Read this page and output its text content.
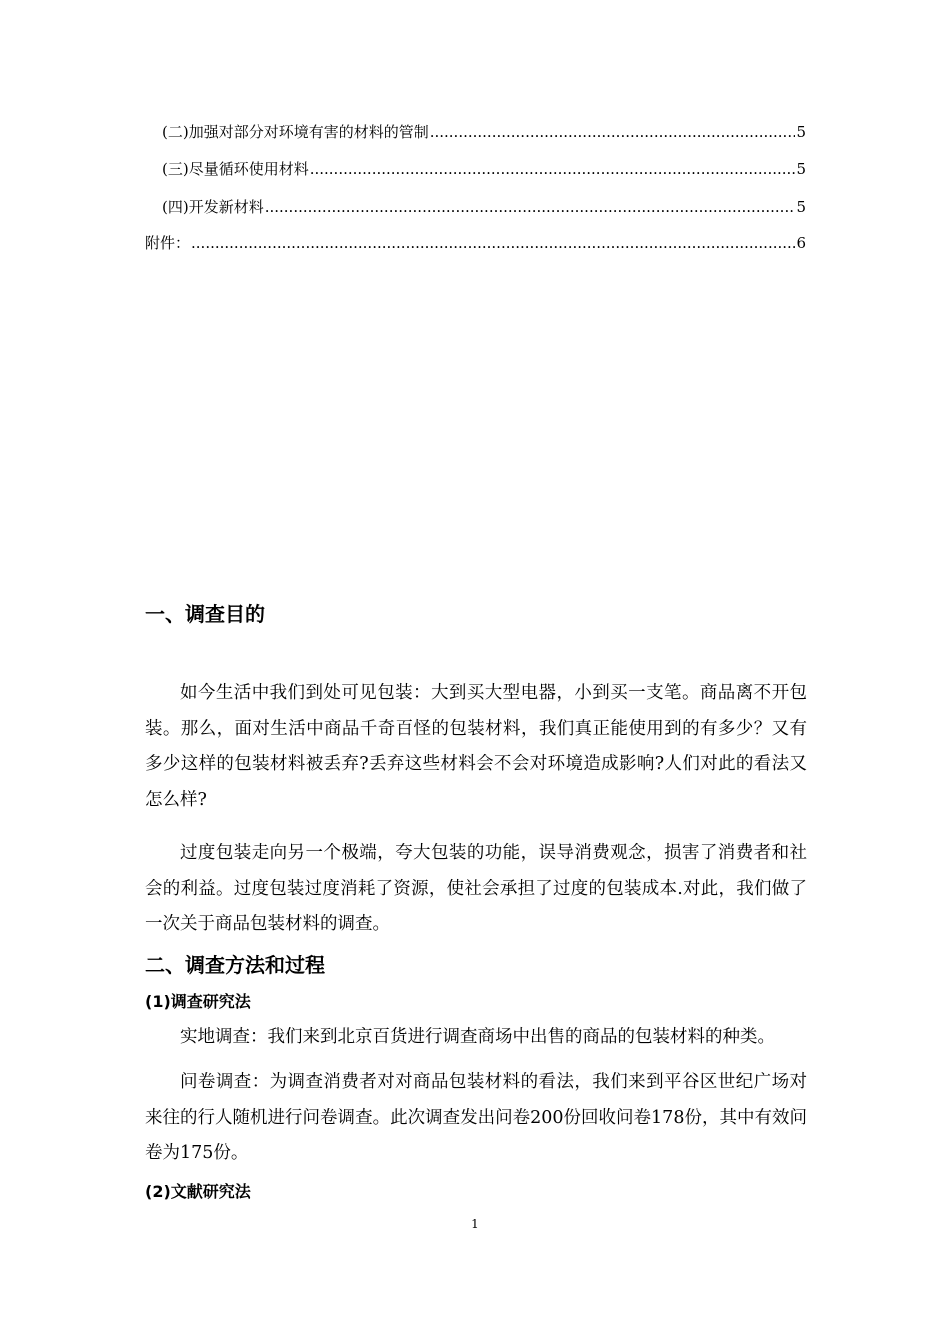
(二)加强对部分对环境有害的材料的管制 .....	5
(三)尽量循环使用材料 .....	5
(四)开发新材料 .....	5
附件： .....	6
一、调查目的

如今生活中我们到处可见包装：大到买大型电器，小到买一支笔。商品离不开包装。那么，面对生活中商品千奇百怪的包装材料，我们真正能使用到的有多少？又有多少这样的包装材料被丢弃?丢弃这些材料会不会对环境造成影响?人们对此的看法又怎么样?

过度包装走向另一个极端，夸大包装的功能，误导消费观念，损害了消费者和社会的利益。过度包装过度消耗了资源，使社会承担了过度的包装成本.对此，我们做了一次关于商品包装材料的调查。

二、调查方法和过程
(1)调查研究法

实地调查：我们来到北京百货进行调查商场中出售的商品的包装材料的种类。

问卷调查：为调查消费者对对商品包装材料的看法，我们来到平谷区世纪广场对来往的行人随机进行问卷调查。此次调查发出问卷200份回收问卷178份，其中有效问卷为175份。

(2)文献研究法
1
